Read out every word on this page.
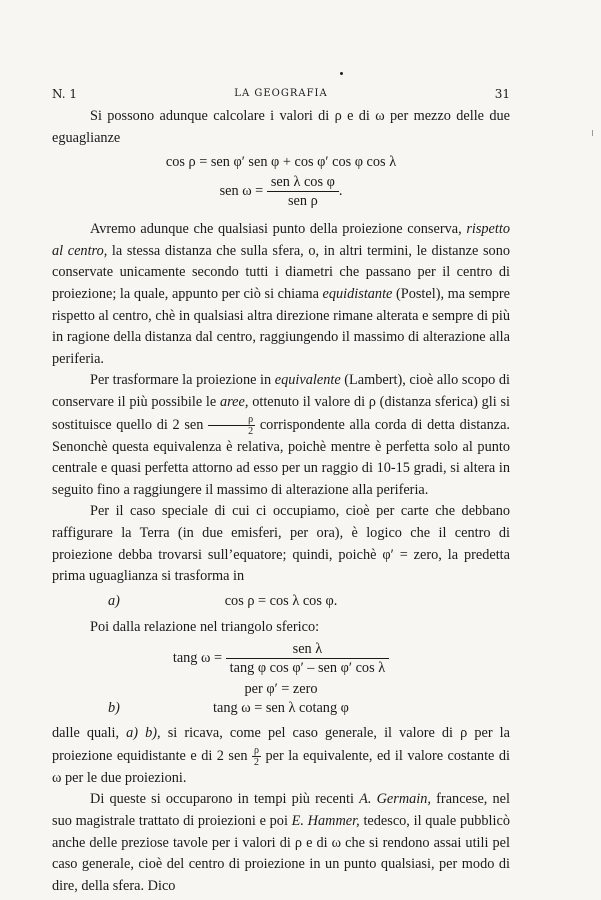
N. 1	LA GEOGRAFIA	31

Si possono adunque calcolare i valori di ρ e di ω per mezzo delle due eguaglianze

cos ρ = sen φ′ sen φ + cos φ′ cos φ cos λ
sen $\omega = \frac{\text{sen λ cos φ}}{\text{sen ρ}}$ .

Avremo adunque che qualsiasi punto della proiezione conserva, rispetto al centro, la stessa distanza che sulla sfera, o, in altri termini, le distanze sono conservate unicamente secondo tutti i diametri che passano per il centro di proiezione; la quale, appunto per ciò si chiama equidistante (Postel), ma sempre rispetto al centro, chè in qualsiasi altra direzione rimane alterata e sempre di più in ragione della distanza dal centro, raggiungendo il massimo di alterazione alla periferia.

Per trasformare la proiezione in equivalente (Lambert), cioè allo scopo di conservare il più possibile le aree, ottenuto il valore di ρ (distanza sferica) gli si sostituisce quello di 2 sen $\frac{\rho}{2}$ corrispondente alla corda di detta distanza. Senonchè questa equivalenza è relativa, poichè mentre è perfetta solo al punto centrale e quasi perfetta attorno ad esso per un raggio di 10-15 gradi, si altera in seguito fino a raggiungere il massimo di alterazione alla periferia.

Per il caso speciale di cui ci occupiamo, cioè per carte che debbano raffigurare la Terra (in due emisferi, per ora), è logico che il centro di proiezione debba trovarsi sull’equatore; quindi, poichè φ′ = zero, la predetta prima uguaglianza si trasforma in

a)	cos ρ = cos λ cos φ.

Poi dalla relazione nel triangolo sferico:

tang $\omega = \frac{\text{sen λ}}{\text{tang φ cos φ′ – sen φ′ cos λ}}$
per φ′ = zero
b)	tang ω = sen λ cotang φ

dalle quali, a) b), si ricava, come pel caso generale, il valore di ρ per la proiezione equidistante e di 2 sen $\frac{\rho}{2}$ per la equivalente, ed il valore costante di ω per le due proiezioni.

Di queste si occuparono in tempi più recenti A. Germain, francese, nel suo magistrale trattato di proiezioni e poi E. Hammer, tedesco, il quale pubblicò anche delle preziose tavole per i valori di ρ e di ω che si rendono assai utili pel caso generale, cioè del centro di proiezione in un punto qualsiasi, per modo di dire, della sfera. Dico
